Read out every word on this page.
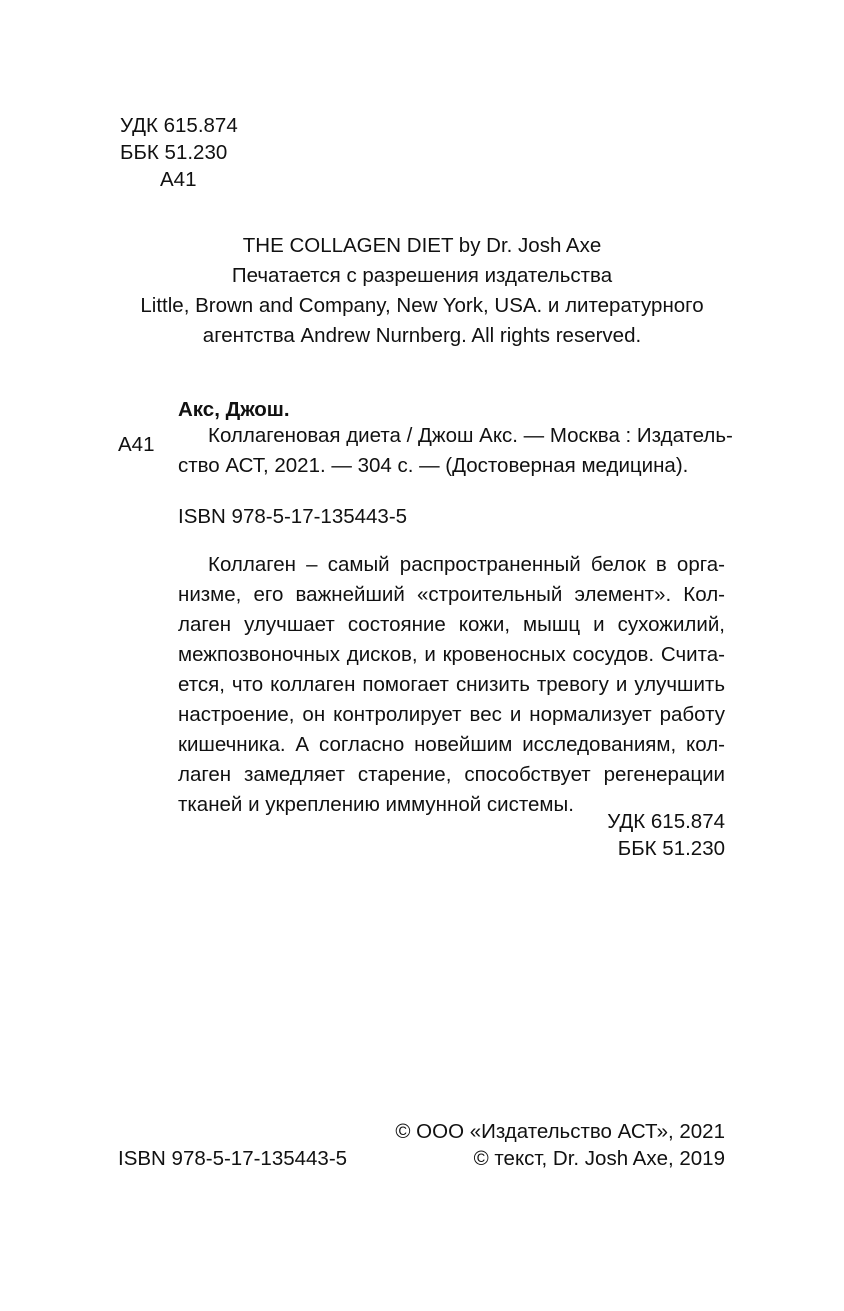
УДК 615.874
ББК 51.230
А41
THE COLLAGEN DIET by Dr. Josh Axe
Печатается с разрешения издательства
Little, Brown and Company, New York, USA. и литературного
агентства Andrew Nurnberg. All rights reserved.
Акс, Джош.
А41	Коллагеновая диета / Джош Акс. — Москва : Издатель-
ство АСТ, 2021. — 304 с. — (Достоверная медицина).
ISBN 978-5-17-135443-5
Коллаген – самый распространенный белок в орга-
низме, его важнейший «строительный элемент». Кол-
лаген улучшает состояние кожи, мышц и сухожилий,
межпозвоночных дисков, и кровеносных сосудов. Счита-
ется, что коллаген помогает снизить тревогу и улучшить
настроение, он контролирует вес и нормализует работу
кишечника. А согласно новейшим исследованиям, кол-
лаген замедляет старение, способствует регенерации
тканей и укреплению иммунной системы.
УДК 615.874
ББК 51.230
© ООО «Издательство АСТ», 2021
ISBN 978-5-17-135443-5	© текст, Dr. Josh Axe, 2019
